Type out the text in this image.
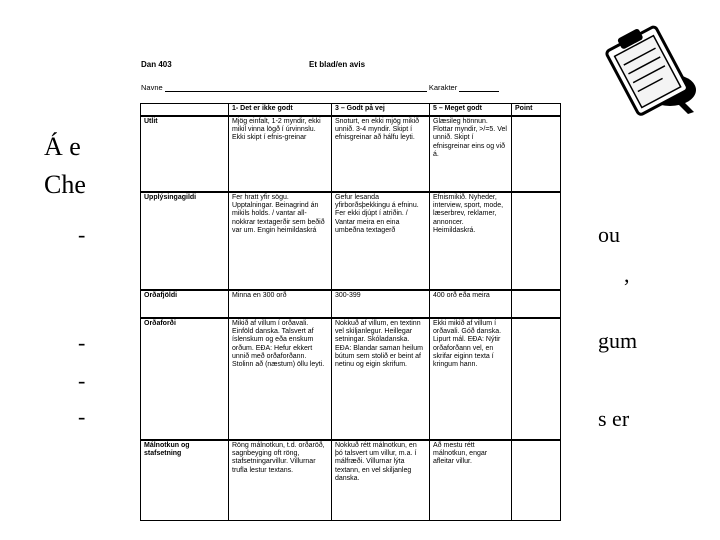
Á e
Che
-
-
-
-
ou
,
gum
s er
Dan 403	Et blad/en avis
Navne	Karakter
	1- Det er ikke godt	3 – Godt på vej	5 – Meget godt	Point
Utlit	Mjög einfalt, 1-2 myndir, ekki mikil vinna lögð í úrvinnslu. Ekki skipt í efnis-greinar	Snoturt, en ekki mjög mikið unnið. 3-4 myndir. Skipt í efnisgreinar að hálfu leyti.	Glæsileg hönnun. Flottar myndir, >/=5. Vel unnið. Skipt í efnisgreinar eins og við á.	
Upplýsingagildi	Fer hratt yfir sögu. Upptalningar. Beinagrind án mikils holds. / vantar all-nokkrar textagerðir sem beðið var um. Engin heimildaskrá	Gefur lesanda yfirborðsþekkingu á efninu. Fer ekki djúpt í atriðin. / Vantar meira en eina umbeðna textagerð	Efnismikið. Nyheder, interview, sport, mode, læserbrev, reklamer, annoncer. Heimildaskrá.	
Orðafjöldi	Minna en 300 orð	300-399	400 orð eða meira	
Orðaforði	Mikið af villum í orðavali. Einföld danska. Talsvert af íslenskum og eða enskum orðum. EÐA: Hefur ekkert unnið með orðaforðann. Stolinn að (næstum) öllu leyti.	Nokkuð af villum, en textinn vel skiljanlegur. Heillegar setningar. Skóladanska. EÐA: Blandar saman heilum bútum sem stolið er beint af netinu og eigin skrifum.	Ekki mikið af villum í orðavali. Góð danska. Lipurt mál. EÐA: Nýtir orðaforðann vel, en skrifar eiginn texta í kringum hann.	
Málnotkun og stafsetning	Röng málnotkun, t.d. orðaröð, sagnbeyging oft röng, stafsetningarvillur. Villurnar trufla lestur textans.	Nokkuð rétt málnotkun, en þó talsvert um villur, m.a. í málfræði. Villurnar lýta textann, en vel skiljanleg danska.	Að mestu rétt málnotkun, engar afleitar villur.	
